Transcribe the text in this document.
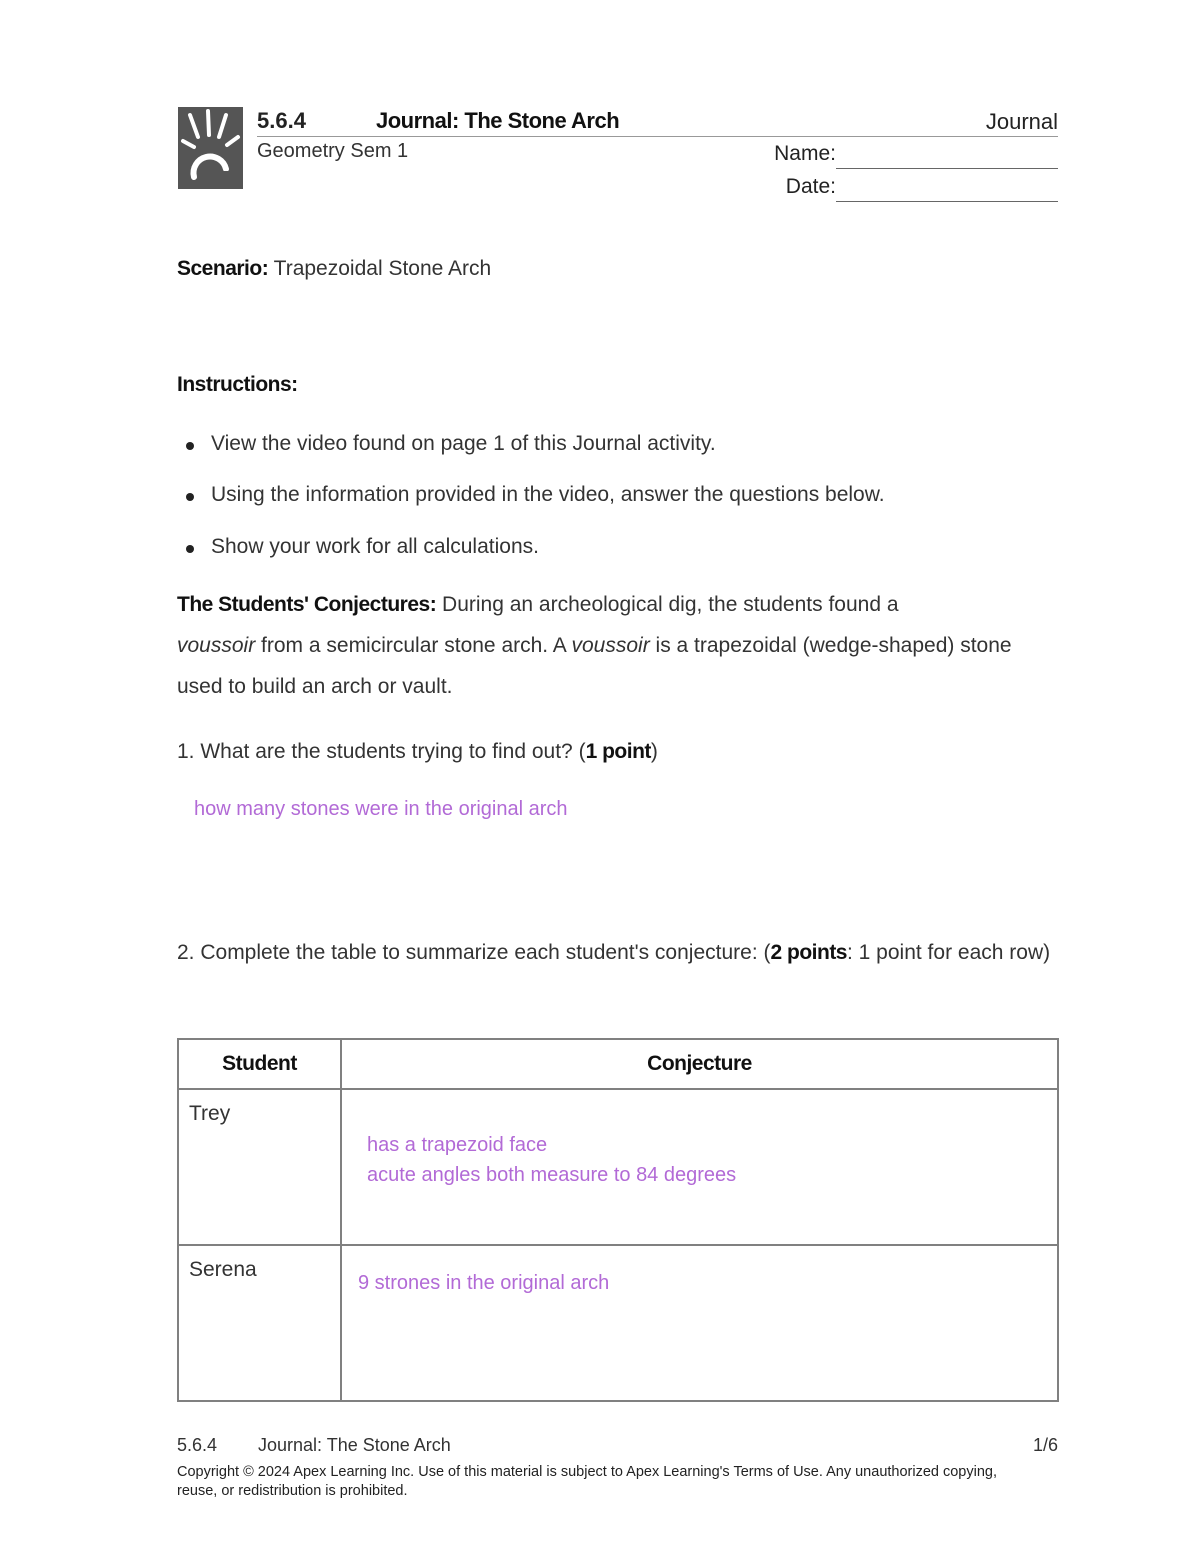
5.6.4	Journal: The Stone Arch	Journal
Geometry Sem 1	Name:
Date:
Scenario: Trapezoidal Stone Arch
Instructions:
View the video found on page 1 of this Journal activity.
Using the information provided in the video, answer the questions below.
Show your work for all calculations.
The Students' Conjectures: During an archeological dig, the students found a
voussoir from a semicircular stone arch. A voussoir is a trapezoidal (wedge-shaped) stone used to build an arch or vault.
1. What are the students trying to find out? (1 point)
how many stones were in the original arch
2. Complete the table to summarize each student's conjecture: (2 points: 1 point for each row)
Student	Conjecture
Trey	has a trapezoid face
acute angles both measure to 84 degrees

Serena	9 strones in the original arch
5.6.4 Journal: The Stone Arch	1/6
Copyright © 2024 Apex Learning Inc. Use of this material is subject to Apex Learning's Terms of Use. Any unauthorized copying, reuse, or redistribution is prohibited.
